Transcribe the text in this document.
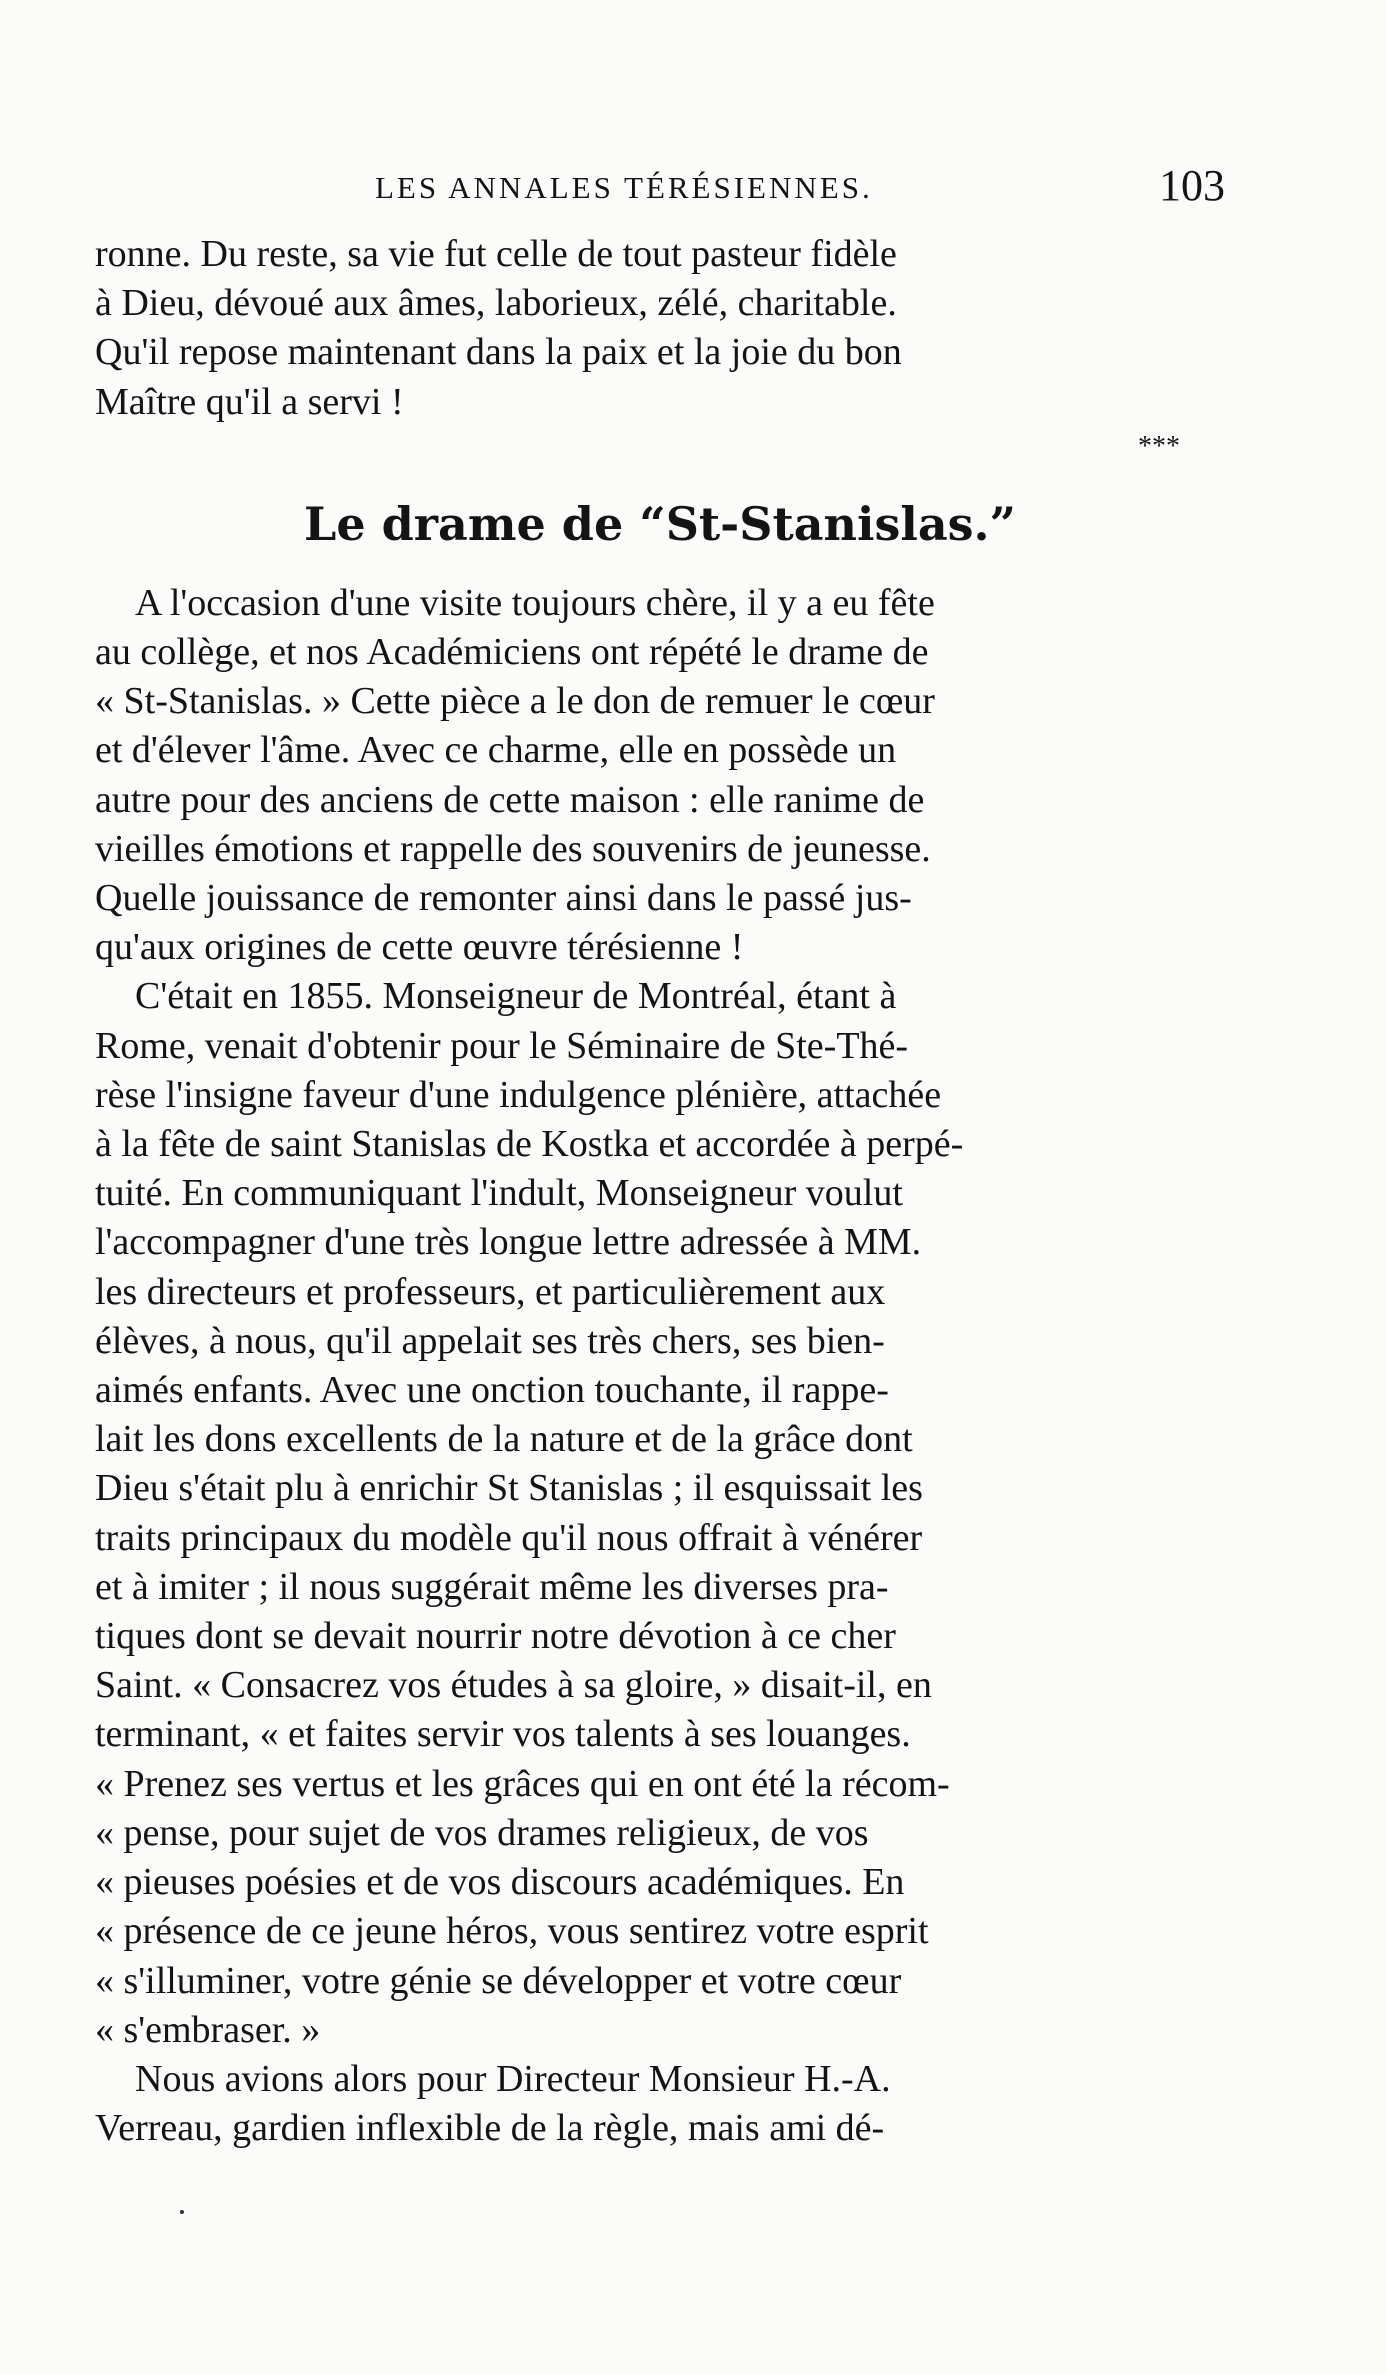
LES ANNALES TÉRÉSIENNES.	103

ronne. Du reste, sa vie fut celle de tout pasteur fidèle
à Dieu, dévoué aux âmes, laborieux, zélé, charitable.
Qu'il repose maintenant dans la paix et la joie du bon
Maître qu'il a servi !

***
Le drame de “St-Stanislas.”

A l'occasion d'une visite toujours chère, il y a eu fête
au collège, et nos Académiciens ont répété le drame de
« St-Stanislas. » Cette pièce a le don de remuer le cœur
et d'élever l'âme. Avec ce charme, elle en possède un
autre pour des anciens de cette maison : elle ranime de
vieilles émotions et rappelle des souvenirs de jeunesse.
Quelle jouissance de remonter ainsi dans le passé jus-
qu'aux origines de cette œuvre térésienne !

C'était en 1855. Monseigneur de Montréal, étant à
Rome, venait d'obtenir pour le Séminaire de Ste-Thé-
rèse l'insigne faveur d'une indulgence plénière, attachée
à la fête de saint Stanislas de Kostka et accordée à perpé-
tuité. En communiquant l'indult, Monseigneur voulut
l'accompagner d'une très longue lettre adressée à MM.
les directeurs et professeurs, et particulièrement aux
élèves, à nous, qu'il appelait ses très chers, ses bien-
aimés enfants. Avec une onction touchante, il rappe-
lait les dons excellents de la nature et de la grâce dont
Dieu s'était plu à enrichir St Stanislas ; il esquissait les
traits principaux du modèle qu'il nous offrait à vénérer
et à imiter ; il nous suggérait même les diverses pra-
tiques dont se devait nourrir notre dévotion à ce cher
Saint. « Consacrez vos études à sa gloire, » disait-il, en
terminant, « et faites servir vos talents à ses louanges.
« Prenez ses vertus et les grâces qui en ont été la récom-
« pense, pour sujet de vos drames religieux, de vos
« pieuses poésies et de vos discours académiques. En
« présence de ce jeune héros, vous sentirez votre esprit
« s'illuminer, votre génie se développer et votre cœur
« s'embraser. »

Nous avions alors pour Directeur Monsieur H.-A.
Verreau, gardien inflexible de la règle, mais ami dé-
